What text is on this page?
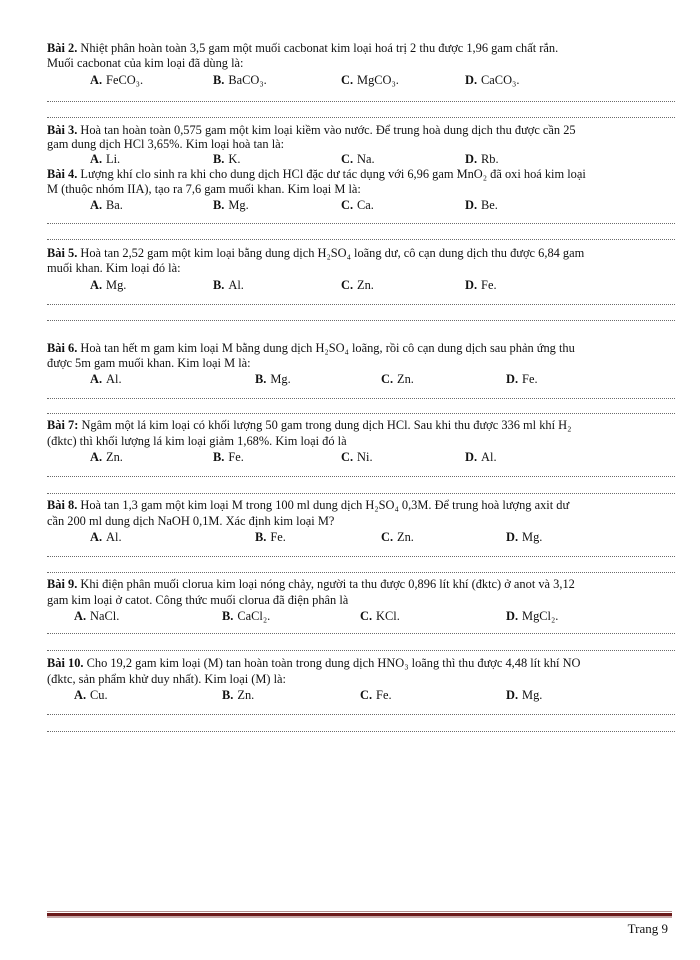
Bài 2. Nhiệt phân hoàn toàn 3,5 gam một muối cacbonat kim loại hoá trị 2 thu được 1,96 gam chất rắn.
Muối cacbonat của kim loại đã dùng là:
A. FeCO₃.	B. BaCO₃.	C. MgCO₃.	D. CaCO₃.
Bài 3. Hoà tan hoàn toàn 0,575 gam một kim loại kiềm vào nước. Để trung hoà dung dịch thu được cần 25
gam dung dịch HCl 3,65%. Kim loại hoà tan là:
A. Li.	B. K.	C. Na.	D. Rb.
Bài 4. Lượng khí clo sinh ra khi cho dung dịch HCl đặc dư tác dụng với 6,96 gam MnO₂ đã oxi hoá kim loại
M (thuộc nhóm IIA), tạo ra 7,6 gam muối khan. Kim loại M là:
A. Ba.	B. Mg.	C. Ca.	D. Be.
Bài 5. Hoà tan 2,52 gam một kim loại bằng dung dịch H₂SO₄ loãng dư, cô cạn dung dịch thu được 6,84 gam
muối khan. Kim loại đó là:
A. Mg.	B. Al.	C. Zn.	D. Fe.
Bài 6. Hoà tan hết m gam kim loại M bằng dung dịch H₂SO₄ loãng, rồi cô cạn dung dịch sau phản ứng thu
được 5m gam muối khan. Kim loại M là:
A. Al.	B. Mg.	C. Zn.	D. Fe.
Bài 7: Ngâm một lá kim loại có khối lượng 50 gam trong dung dịch HCl. Sau khi thu được 336 ml khí H₂
(đktc) thì khối lượng lá kim loại giảm 1,68%. Kim loại đó là
A. Zn.	B. Fe.	C. Ni.	D. Al.
Bài 8. Hoà tan 1,3 gam một kim loại M trong 100 ml dung dịch H₂SO₄ 0,3M. Để trung hoà lượng axit dư
cần 200 ml dung dịch NaOH 0,1M. Xác định kim loại M?
A. Al.	B. Fe.	C. Zn.	D. Mg.
Bài 9. Khi điện phân muối clorua kim loại nóng chảy, người ta thu được 0,896 lít khí (đktc) ở anot và 3,12
gam kim loại ở catot. Công thức muối clorua đã điện phân là
A. NaCl.	B. CaCl₂.	C. KCl.	D. MgCl₂.
Bài 10. Cho 19,2 gam kim loại (M) tan hoàn toàn trong dung dịch HNO₃ loãng thì thu được 4,48 lít khí NO
(đktc, sản phẩm khử duy nhất). Kim loại (M) là:
A. Cu.	B. Zn.	C. Fe.	D. Mg.
Trang 9
